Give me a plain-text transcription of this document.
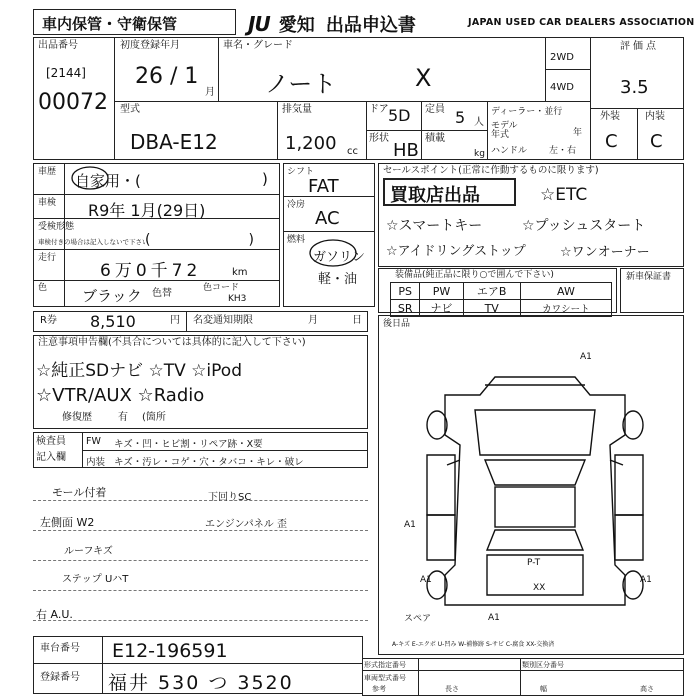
車内保管・守衛保管	JU 愛知 出品申込書	JAPAN USED CAR DEALERS ASSOCIATION
出品番号
[2144]
00072
初度登録年月
26 / 1
月
車名・グレード
ノート	X
2WD
4WD
評価点
3.5
外装	内装
C C
型式
DBA-E12
排気量
1,200 cc
ドア 5D
形状
HB
定員 5 人
積載
kg
ディーラー・並行
モデル年式	年
ハンドル 左・右
車歴 自家用・(	)
車検 R9年 1月(29日)
受検形態
車検付きの場合は記入しないで下さい
(　　　　　　　)
走行
6万0千72	km
色 ブラック 色替	色コード
KH3
シフト
FAT
冷房
AC
燃料
ガソリン
軽・油
セールスポイント(正常に作動するものに限ります)
買取店出品	☆ETC
☆スマートキー	☆プッシュスタート
☆アイドリングストップ	☆ワンオーナー
装備品(純正品に限り○で囲んで下さい)
PS	PW	エアB	AW
SR	ナビ	TV	カワシート
新車保証書
R券 8,510	円 名変通知期限	月	日
注意事項申告欄(不具合については具体的に記入して下さい)
☆純正SDナビ ☆TV ☆iPod
☆VTR/AUX ☆Radio
修復歴	有 (箇所
後日品
A1
A1
A1
A1
A1
P-T
XX
スペア
A-キズ E-エクボ U-凹み W-補修跡 S-サビ C-腐食 XX-交換済
検査員
記入欄
FW キズ・凹・ヒビ割・リペア跡・X要
内装 キズ・汚レ・コゲ・穴・タバコ・キレ・破レ
モール付着
左側面 W2
ルーフキズ
ステップ UハT
右 A.U.
下回りSC
エンジンパネル 歪
車台番号 E12-196591
登録番号 福井 530 つ 3520
形式指定番号	類別区分番号
参考
車両型式番号
長さ	幅	高さ
